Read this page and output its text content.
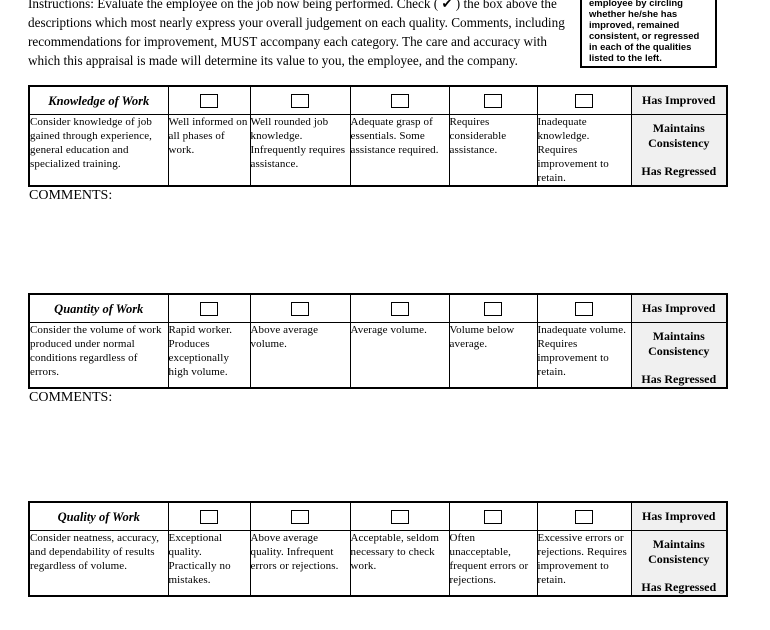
Instructions: Evaluate the employee on the job now being performed. Check ( ✔ ) the box above the descriptions which most nearly express your overall judgement on each quality. Comments, including recommendations for improvement, MUST accompany each category. The care and accuracy with which this appraisal is made will determine its value to you, the employee, and the company.

employee by circling whether he/she has improved, remained consistent, or regressed in each of the qualities listed to the left.
Knowledge of Work						Has Improved
Consider knowledge of job gained through experience, general education and specialized training.	Well informed on all phases of work.	Well rounded job knowledge. Infrequently requires assistance.	Adequate grasp of essentials. Some assistance required.	Requires considerable assistance.	Inadequate knowledge. Requires improvement to retain.	Maintains Consistency
Has Regressed
COMMENTS:
Quantity of Work						Has Improved
Consider the volume of work produced under normal conditions regardless of errors.	Rapid worker. Produces exceptionally high volume.	Above average volume.	Average volume.	Volume below average.	Inadequate volume. Requires improvement to retain.	Maintains Consistency
Has Regressed
COMMENTS:
Quality of Work						Has Improved
Consider neatness, accuracy, and dependability of results regardless of volume.	Exceptional quality. Practically no mistakes.	Above average quality. Infrequent errors or rejections.	Acceptable, seldom necessary to check work.	Often unacceptable, frequent errors or rejections.	Excessive errors or rejections. Requires improvement to retain.	Maintains Consistency
Has Regressed
